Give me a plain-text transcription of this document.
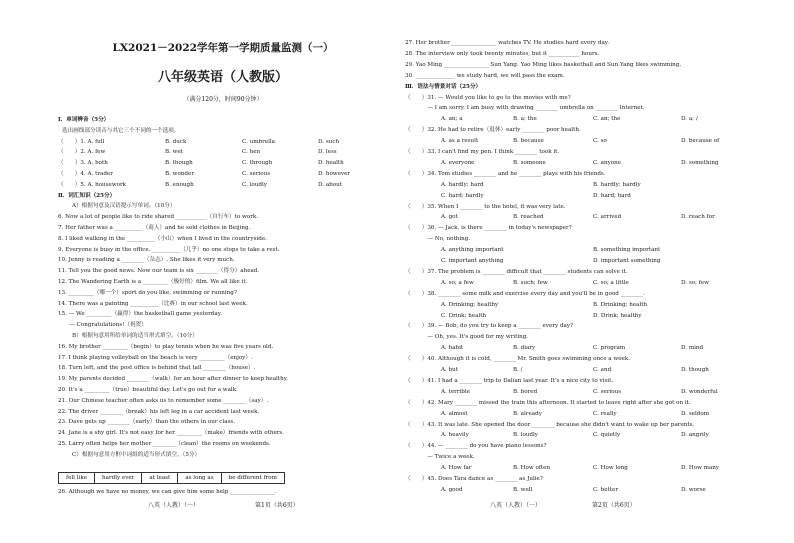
LX2021－2022学年第一学期质量监测（一）
八年级英语（人教版）
（满分120分，时间90分钟）
Ⅰ．单词辨音（5分）
选出画线部分读音与其它三个不同的一个选项。
（　　）1. A. full	B. duck	C. umbrella	D. such
（　　）2. A. few	B. wet	C. hen	D. less
（　　）3. A. both	B. though	C. through	D. health
（　　）4. A. trader	B. wonder	C. serious	D. however
（　　）5. A. housework	B. enough	C. loudly	D. about
Ⅱ．词汇知识（25分）
A）根据句意及汉语提示写单词。（10分）
6. Now a lot of people like to ride shared ___________（自行车）to work.
7. Her father was a __________（商人）and he sold clothes in Beijing.
8. I liked walking in the __________（小山）when I lived in the countryside.
9. Everyone is busy in the office. __________（几乎）no one stops to take a rest.
10. Jenny is reading a ________（杂志）. She likes it very much.
11. Tell you the good news. Now our team is six ________（得分）ahead.
12. The Wandering Earth is a _________（极好的）film. We all like it.
13. _________（哪一个）sport do you like, swimming or running?
14. There was a painting __________（比赛）in our school last week.
15. — We _________（赢得）the basketball game yesterday.
　　— Congratulations!（祝贺）
B）根据句意用所给单词的适当形式填空。（10分）
16. My brother _________（begin）to play tennis when he was five years old.
17. I think playing volleyball on the beach is very _________（enjoy）.
18. Turn left, and the post office is behind that tall ________（house）.
19. My parents decided ________（walk）for an hour after dinner to keep healthy.
20. It's a _________（true）beautiful day. Let's go out for a walk.
21. Our Chinese teacher often asks us to remember some ________（say）.
22. The driver ________（break）his left leg in a car accident last week.
23. Dave gets up ________（early）than the others in our class.
24. Jane is a shy girl. It's not easy for her _________（make）friends with others.
25. Larry often helps her mother ________（clean）the rooms on weekends.
C）根据句意用方框中词组的适当形式填空。（5分）
26. Although we have no money, we can give him some help ________________.
27. Her brother ________________ watches TV. He studies hard every day.
28. The interview only took twenty minutes, but it ___________ hours.
29. Yao Ming ________________ Sun Yang. Yao Ming likes basketball and Sun Yang likes swimming.
30. ______________ we study hard, we will pass the exam.
Ⅲ．语法与情景对话（25分）
（　　）31. — Would you like to go to the movies with me?
　　　　— I am sorry. I am busy with drawing ________ umbrella on ________ Internet.
A. an; a	B. a; the	C. an; the	D. a; /
（　　）32. He had to retire（退休）early ________ poor health.
A. as a result	B. because	C. so	D. because of
（　　）33. I can't find my pen. I think ________ took it.
A. everyone	B. someone	C. anyone	D. something
（　　）34. Tom studies ________ and he ________ plays with his friends.
A. hardly; hard	B. hardly; hardly
C. hard; hardly	D. hard; hard
（　　）35. When I ________ to the hotel, it was very late.
A. got	B. reached	C. arrived	D. reach for
（　　）36. — Jack, is there ________ in today's newspaper?
　　　　— No, nothing.
A. anything important	B. something important
C. important anything	D. important something
（　　）37. The problem is ________ difficult that ________ students can solve it.
A. so; a few	B. such; few	C. so; a little	D. so; few
（　　）38. ________ some milk and exercise every day and you'll be in good ________.
A. Drinking; healthy	B. Drinking; health
C. Drink; health	D. Drink; healthy
（　　）39. — Bob, do you try to keep a ________ every day?
　　　　— Oh, yes. It's good for my writing.
A. habit	B. diary	C. program	D. mind
（　　）40. Although it is cold, ________ Mr. Smith goes swimming once a week.
A. but	B. /	C. and	D. though
（　　）41. I had a ________ trip to Dalian last year. It's a nice city to visit.
A. terrible	B. bored	C. serious	D. wonderful
（　　）42. Mary ________ missed the train this afternoon. It started to leave right after she got on it.
A. almost	B. already	C. really	D. seldom
（　　）43. It was late. She opened the door ________ because she didn't want to wake up her parents.
A. heavily	B. loudly	C. quietly	D. angrily
（　　）44. — ________ do you have piano lessons?
　　　　— Twice a week.
A. How far	B. How often	C. How long	D. How many
（　　）45. Does Tara dance as ________ as Julie?
A. good	B. well	C. better	D. worse
fell like	hardly ever	at least	as long as	be different from
八英（人教）（一）	第1页（共6页）	八英（人教）（一）	第2页（共6页）
